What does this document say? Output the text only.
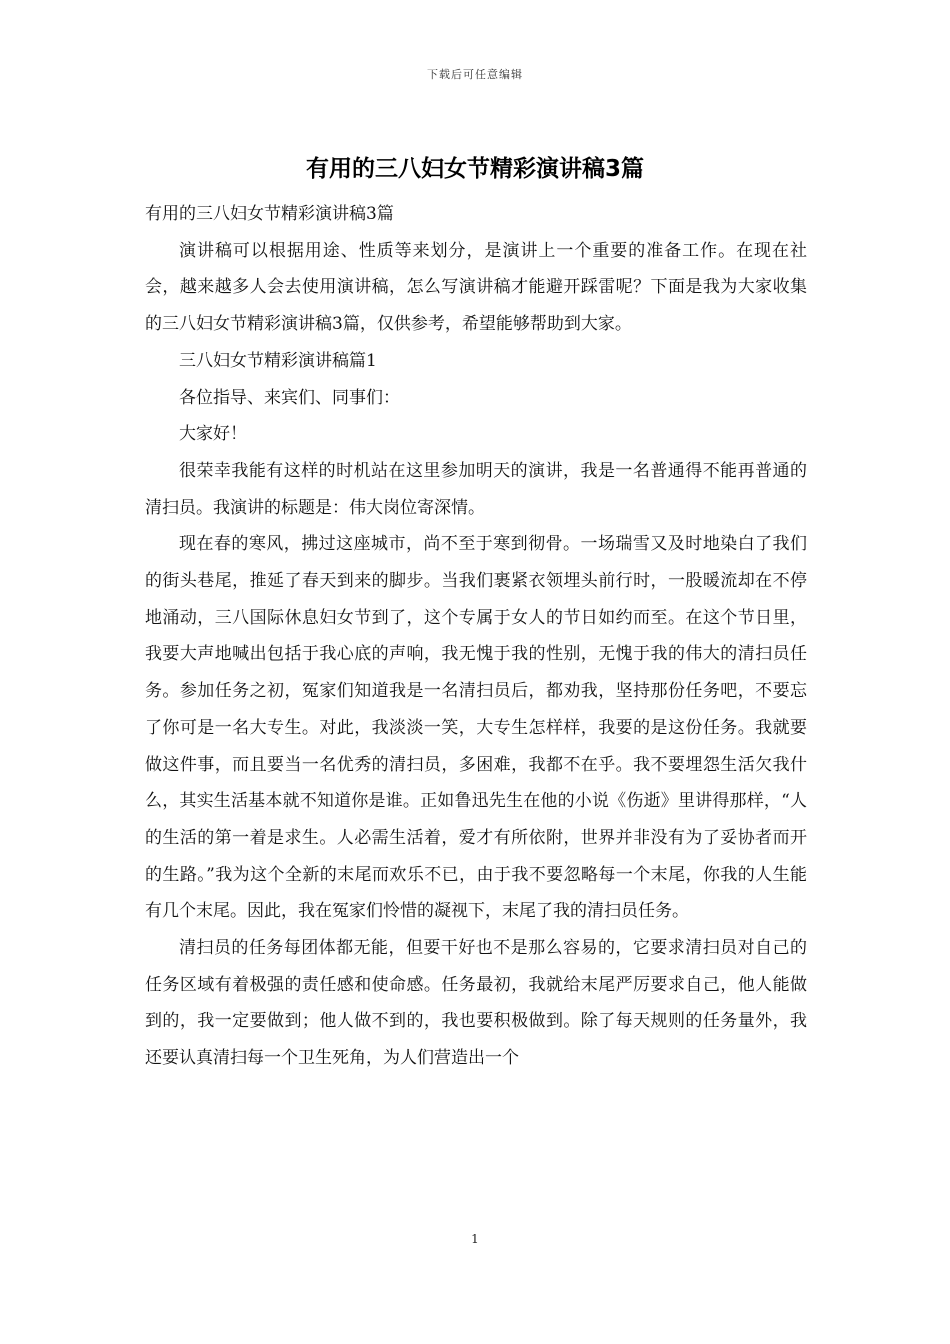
下载后可任意编辑
有用的三八妇女节精彩演讲稿3篇

有用的三八妇女节精彩演讲稿3篇

演讲稿可以根据用途、性质等来划分，是演讲上一个重要的准备工作。在现在社会，越来越多人会去使用演讲稿，怎么写演讲稿才能避开踩雷呢？下面是我为大家收集的三八妇女节精彩演讲稿3篇，仅供参考，希望能够帮助到大家。

三八妇女节精彩演讲稿篇1

各位指导、来宾们、同事们：

大家好！

很荣幸我能有这样的时机站在这里参加明天的演讲，我是一名普通得不能再普通的清扫员。我演讲的标题是：伟大岗位寄深情。

现在春的寒风，拂过这座城市，尚不至于寒到彻骨。一场瑞雪又及时地染白了我们的街头巷尾，推延了春天到来的脚步。当我们裹紧衣领埋头前行时，一股暖流却在不停地涌动，三八国际休息妇女节到了，这个专属于女人的节日如约而至。在这个节日里，我要大声地喊出包括于我心底的声响，我无愧于我的性别，无愧于我的伟大的清扫员任务。参加任务之初，冤家们知道我是一名清扫员后，都劝我，坚持那份任务吧，不要忘了你可是一名大专生。对此，我淡淡一笑，大专生怎样样，我要的是这份任务。我就要做这件事，而且要当一名优秀的清扫员，多困难，我都不在乎。我不要埋怨生活欠我什么，其实生活基本就不知道你是谁。正如鲁迅先生在他的小说《伤逝》里讲得那样，“人的生活的第一着是求生。人必需生活着，爱才有所依附，世界并非没有为了妥协者而开的生路。”我为这个全新的末尾而欢乐不已，由于我不要忽略每一个末尾，你我的人生能有几个末尾。因此，我在冤家们怜惜的凝视下，末尾了我的清扫员任务。

清扫员的任务每团体都无能，但要干好也不是那么容易的，它要求清扫员对自己的任务区域有着极强的责任感和使命感。任务最初，我就给末尾严厉要求自己，他人能做到的，我一定要做到；他人做不到的，我也要积极做到。除了每天规则的任务量外，我还要认真清扫每一个卫生死角，为人们营造出一个

1
